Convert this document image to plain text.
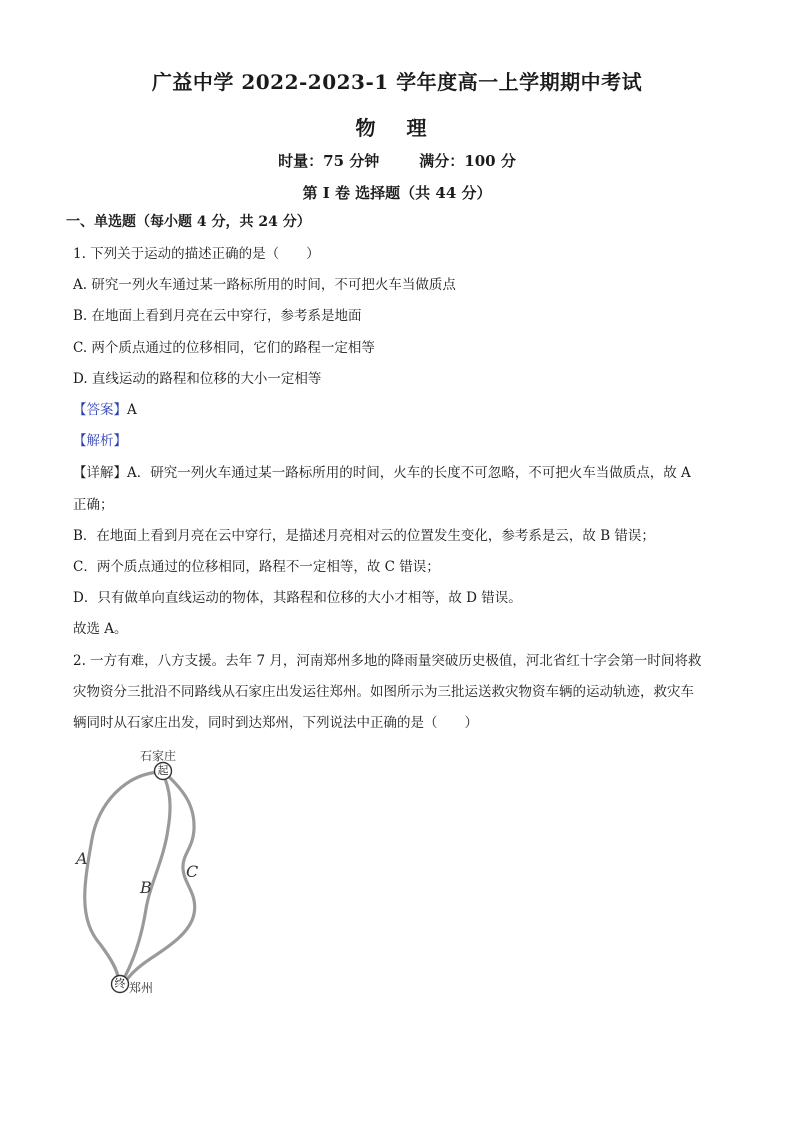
广益中学 2022-2023-1 学年度高一上学期期中考试
物 理
时量：75 分钟	满分：100 分
第 I 卷 选择题（共 44 分）
一、单选题（每小题 4 分，共 24 分）
1. 下列关于运动的描述正确的是（　　）
A. 研究一列火车通过某一路标所用的时间，不可把火车当做质点
B. 在地面上看到月亮在云中穿行，参考系是地面
C. 两个质点通过的位移相同，它们的路程一定相等
D. 直线运动的路程和位移的大小一定相等
【答案】A
【解析】
【详解】A．研究一列火车通过某一路标所用的时间，火车的长度不可忽略，不可把火车当做质点，故 A
正确；
B．在地面上看到月亮在云中穿行，是描述月亮相对云的位置发生变化，参考系是云，故 B 错误；
C．两个质点通过的位移相同，路程不一定相等，故 C 错误；
D．只有做单向直线运动的物体，其路程和位移的大小才相等，故 D 错误。
故选 A。
2. 一方有难，八方支援。去年 7 月，河南郑州多地的降雨量突破历史极值，河北省红十字会第一时间将救
灾物资分三批沿不同路线从石家庄出发运往郑州。如图所示为三批运送救灾物资车辆的运动轨迹，救灾车
辆同时从石家庄出发，同时到达郑州，下列说法中正确的是（　　）
石家庄
起
终 郑州
A
B
C
